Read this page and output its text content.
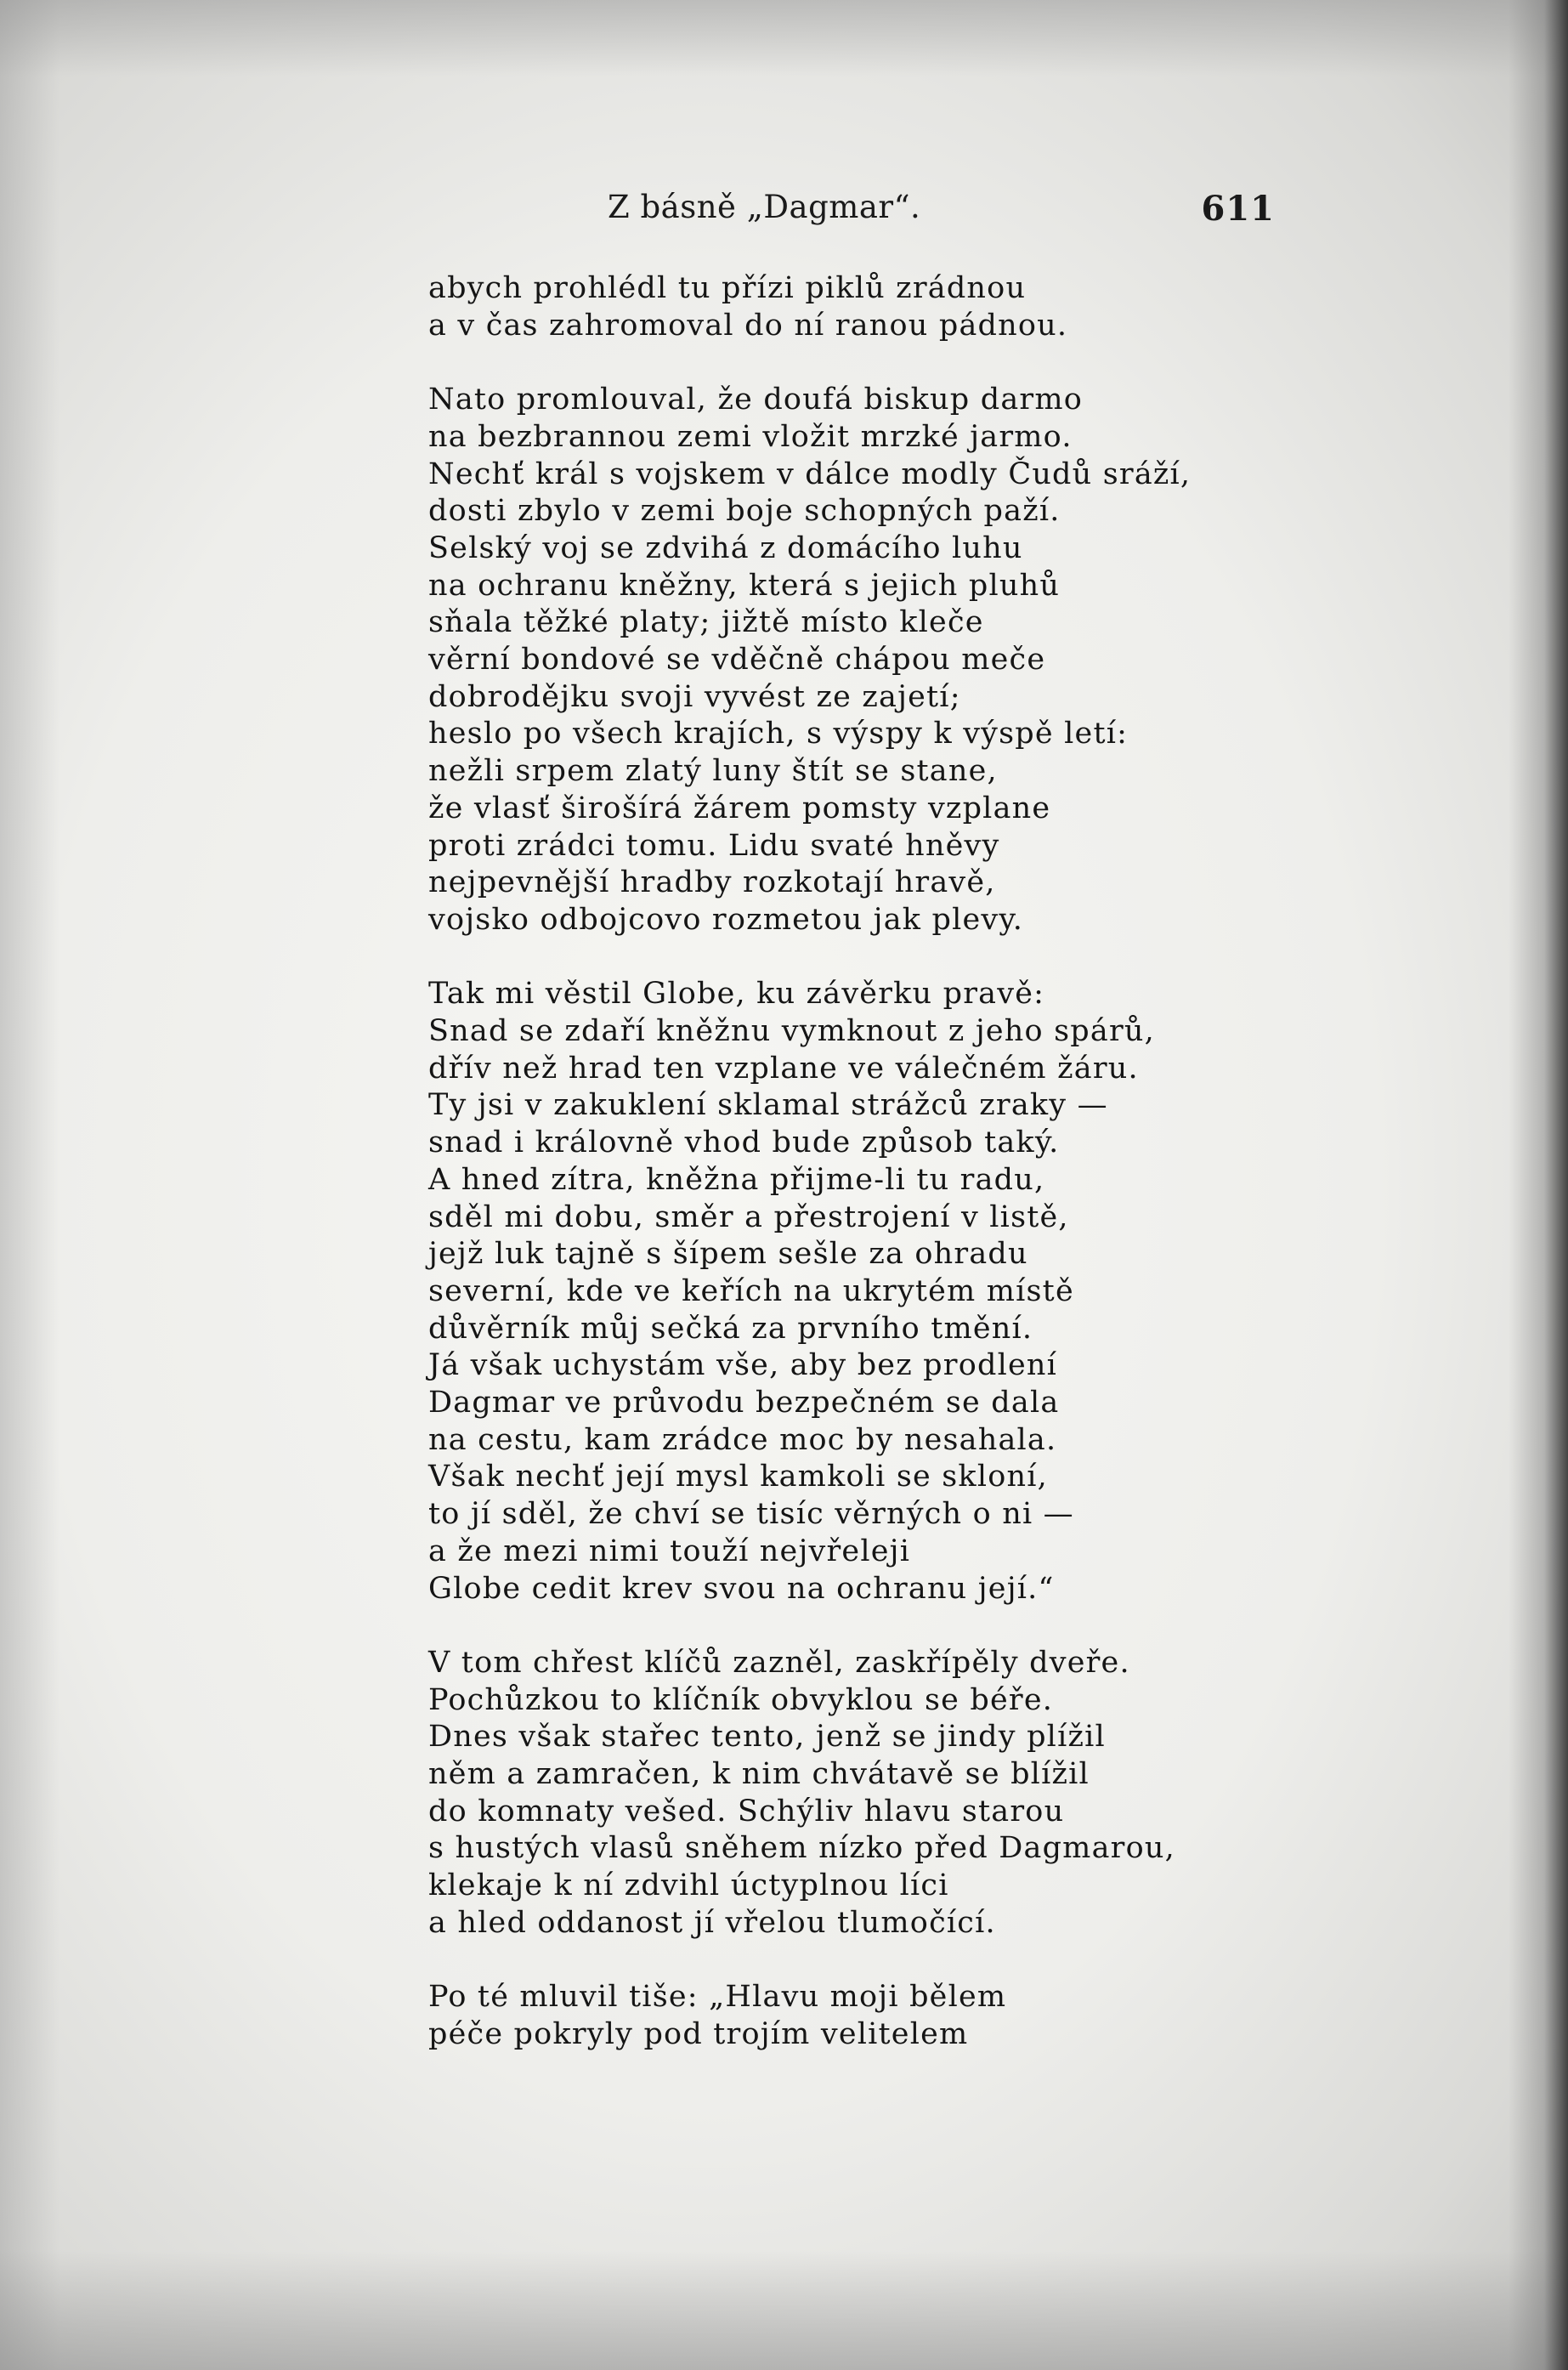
Z básně „Dagmar“.	611
abych prohlédl tu přízi piklů zrádnou
a v čas zahromoval do ní ranou pádnou.
Nato promlouval, že doufá biskup darmo
na bezbrannou zemi vložit mrzké jarmo.
Nechť král s vojskem v dálce modly Čudů sráží,
dosti zbylo v zemi boje schopných paží.
Selský voj se zdvihá z domácího luhu
na ochranu kněžny, která s jejich pluhů
sňala těžké platy; jižtě místo kleče
věrní bondové se vděčně chápou meče
dobroděјku svoji vyvést ze zajetí;
heslo po všech krajích, s výspy k výspě letí:
nežli srpem zlatý luny štít se stane,
že vlasť širošírá žárem pomsty vzplane
proti zrádci tomu. Lidu svaté hněvy
nejpevnější hradby rozkotají hravě,
vojsko odbojcovo rozmetou jak plevy.
Tak mi věstil Globe, ku závěrku pravě:
Snad se zdaří kněžnu vymknout z jeho spárů,
dřív než hrad ten vzplane ve válečném žáru.
Ty jsi v zakuklení sklamal strážců zraky —
snad i královně vhod bude způsob taký.
A hned zítra, kněžna přijme-li tu radu,
sděl mi dobu, směr a přestrojení v listě,
jejž luk tajně s šípem sešle za ohradu
severní, kde ve keřích na ukrytém místě
důvěrník můj sečká za prvního tmění.
Já však uchystám vše, aby bez prodlení
Dagmar ve průvodu bezpečném se dala
na cestu, kam zrádce moc by nesahala.
Však nechť její mysl kamkoli se skloní,
to jí sděl, že chví se tisíc věrných o ni —
a že mezi nimi touží nejvřeleji
Globe cedit krev svou na ochranu její.“
V tom chřest klíčů zazněl, zaskřípěly dveře.
Pochůzkou to klíčník obvyklou se béře.
Dnes však stařec tento, jenž se jindy plížil
něm a zamračen, k nim chvátavě se blížil
do komnaty vešed. Schýliv hlavu starou
s hustých vlasů sněhem nízko před Dagmarou,
klekaje k ní zdvihl úctyplnou líci
a hled oddanost jí vřelou tlumočící.
Po té mluvil tiše: „Hlavu moji bělem
péče pokryly pod trojím velitelem
